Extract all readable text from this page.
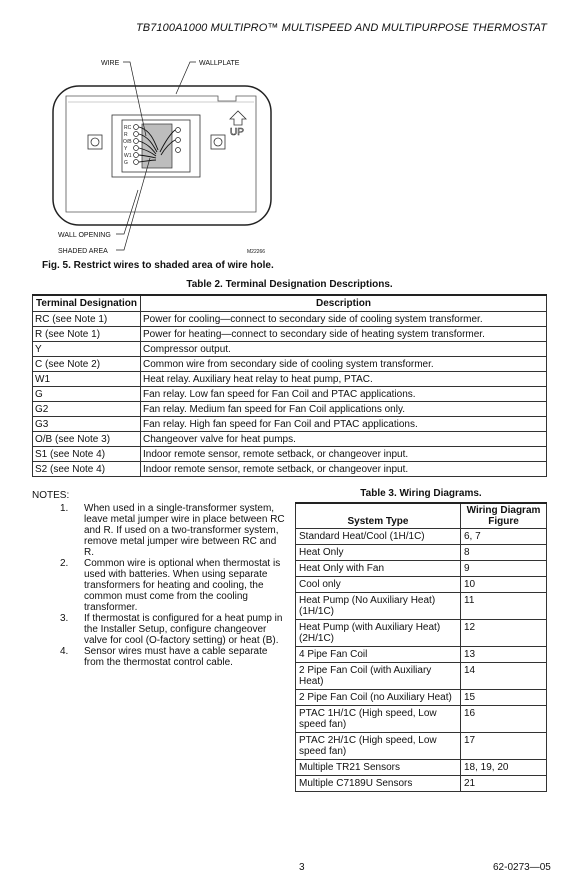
TB7100A1000 MULTIPRO™ MULTISPEED AND MULTIPURPOSE THERMOSTAT
RC
R
O/B
Y
W1
G
UP
WIRE	WALLPLATE
WALL OPENING
SHADED AREA	M22266
Fig. 5. Restrict wires to shaded area of wire hole.
Table 2. Terminal Designation Descriptions.
Terminal Designation	Description
RC (see Note 1)	Power for cooling—connect to secondary side of cooling system transformer.
R (see Note 1)	Power for heating—connect to secondary side of heating system transformer.
Y	Compressor output.
C (see Note 2)	Common wire from secondary side of cooling system transformer.
W1	Heat relay. Auxiliary heat relay to heat pump, PTAC.
G	Fan relay. Low fan speed for Fan Coil and PTAC applications.
G2	Fan relay. Medium fan speed for Fan Coil applications only.
G3	Fan relay. High fan speed for Fan Coil and PTAC applications.
O/B (see Note 3)	Changeover valve for heat pumps.
S1 (see Note 4)	Indoor remote sensor, remote setback, or changeover input.
S2 (see Note 4)	Indoor remote sensor, remote setback, or changeover input.
NOTES:
1. When used in a single-transformer system, leave metal jumper wire in place between RC and R. If used on a two-transformer system, remove metal jumper wire between RC and R.
2. Common wire is optional when thermostat is used with batteries. When using separate transformers for heating and cooling, the common must come from the cooling transformer.
3. If thermostat is configured for a heat pump in the Installer Setup, configure changeover valve for cool (O-factory setting) or heat (B).
4. Sensor wires must have a cable separate from the thermostat control cable.
Table 3. Wiring Diagrams.
System Type	Wiring Diagram Figure
Standard Heat/Cool (1H/1C)	6, 7
Heat Only	8
Heat Only with Fan	9
Cool only	10
Heat Pump (No Auxiliary Heat) (1H/1C)	11
Heat Pump (with Auxiliary Heat) (2H/1C)	12
4 Pipe Fan Coil	13
2 Pipe Fan Coil (with Auxiliary Heat)	14
2 Pipe Fan Coil (no Auxiliary Heat)	15
PTAC 1H/1C (High speed, Low speed fan)	16
PTAC 2H/1C (High speed, Low speed fan)	17
Multiple TR21 Sensors	18, 19, 20
Multiple C7189U Sensors	21
3	62-0273—05
